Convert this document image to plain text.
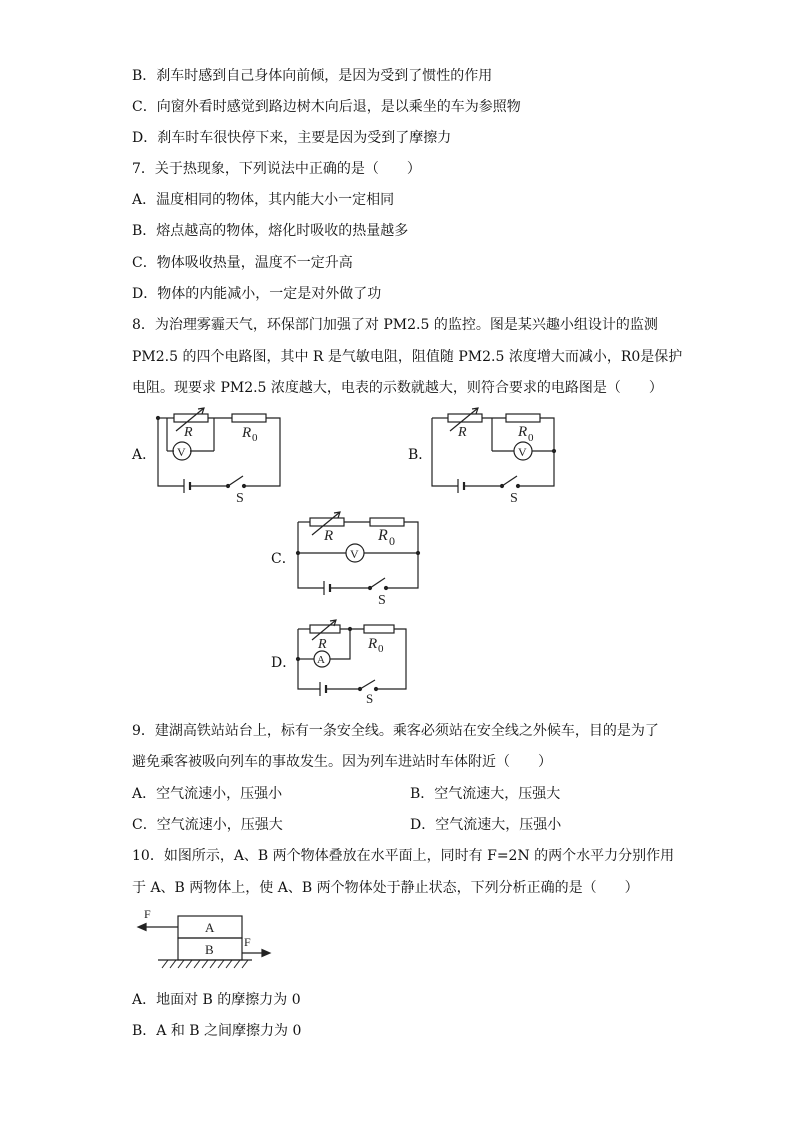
B．刹车时感到自己身体向前倾，是因为受到了惯性的作用
C．向窗外看时感觉到路边树木向后退，是以乘坐的车为参照物
D．刹车时车很快停下来，主要是因为受到了摩擦力
7．关于热现象，下列说法中正确的是（　　）
A．温度相同的物体，其内能大小一定相同
B．熔点越高的物体，熔化时吸收的热量越多
C．物体吸收热量，温度不一定升高
D．物体的内能减小，一定是对外做了功
8．为治理雾霾天气，环保部门加强了对 PM2.5 的监控。图是某兴趣小组设计的监测
PM2.5 的四个电路图，其中 R 是气敏电阻，阻值随 PM2.5 浓度增大而减小，R0是保护
电阻。现要求 PM2.5 浓度越大，电表的示数就越大，则符合要求的电路图是（　　）
A．
R	R 0
V
S
B．
R	R 0
V
S
C．
R	R 0
V
S
D．
R	R 0
A
S
9．建湖高铁站站台上，标有一条安全线。乘客必须站在安全线之外候车，目的是为了
避免乘客被吸向列车的事故发生。因为列车进站时车体附近（　　）
A．空气流速小，压强小	B．空气流速大，压强大
C．空气流速小，压强大	D．空气流速大，压强小
10．如图所示，A、B 两个物体叠放在水平面上，同时有 F=2N 的两个水平力分别作用
于 A、B 两物体上，使 A、B 两个物体处于静止状态，下列分析正确的是（　　）
F
F
A
B
A．地面对 B 的摩擦力为 0
B．A 和 B 之间摩擦力为 0
